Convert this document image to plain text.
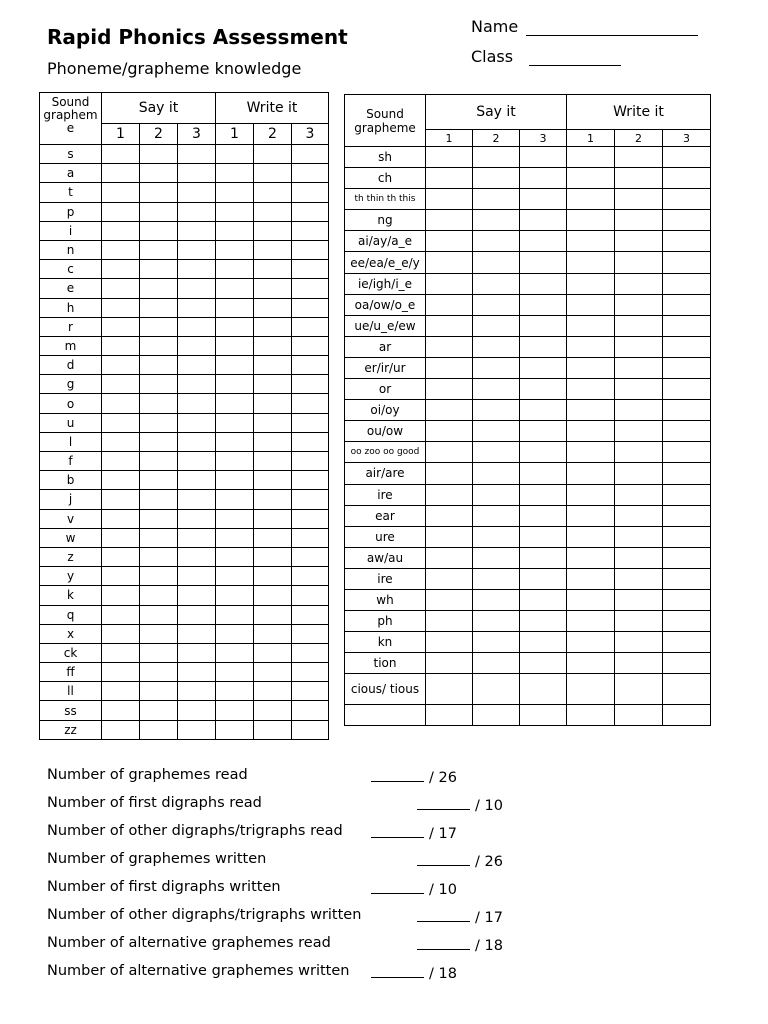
Rapid Phonics Assessment
Phoneme/grapheme knowledge
Name
Class
Sound graphem e	Say it			Write it		
	1	2	3	1	2	3
s						
a						
t						
p						
i						
n						
c						
e						
h						
r						
m						
d						
g						
o						
u						
l						
f						
b						
j						
v						
w						
z						
y						
k						
q						
x						
ck						
ff						
ll						
ss						
zz						
Sound grapheme	Say it			Write it		
	1	2	3	1	2	3
sh						
ch						
th thin th this						
ng						
ai/ay/a_e						
ee/ea/e_e/y						
ie/igh/i_e						
oa/ow/o_e						
ue/u_e/ew						
ar						
er/ir/ur						
or						
oi/oy						
ou/ow						
oo zoo oo good						
air/are						
ire						
ear						
ure						
aw/au						
ire						
wh						
ph						
kn						
tion						
cious/ tious						

Number of graphemes read	/ 26
Number of first digraphs read	/ 10
Number of other digraphs/trigraphs read	/ 17
Number of graphemes written	/ 26
Number of first digraphs written	/ 10
Number of other digraphs/trigraphs written	/ 17
Number of alternative graphemes read	/ 18
Number of alternative graphemes written	/ 18
